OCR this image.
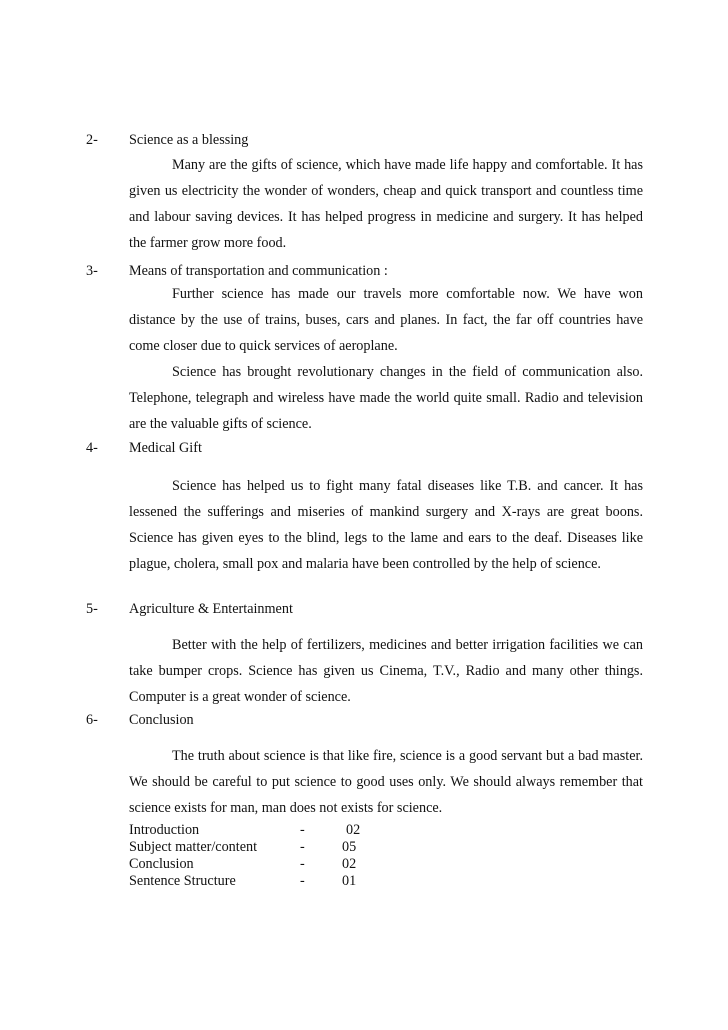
2- Science as a blessing

Many are the gifts of science, which have made life happy and comfortable. It has given us electricity the wonder of wonders, cheap and quick transport and countless time and labour saving devices. It has helped progress in medicine and surgery. It has helped the farmer grow more food.

3- Means of transportation and communication :

Further science has made our travels more comfortable now. We have won distance by the use of trains, buses, cars and planes. In fact, the far off countries have come closer due to quick services of aeroplane.

Science has brought revolutionary changes in the field of communication also. Telephone, telegraph and wireless have made the world quite small. Radio and television are the valuable gifts of science.

4- Medical Gift

Science has helped us to fight many fatal diseases like T.B. and cancer. It has lessened the sufferings and miseries of mankind surgery and X-rays are great boons. Science has given eyes to the blind, legs to the lame and ears to the deaf. Diseases like plague, cholera, small pox and malaria have been controlled by the help of science.

5- Agriculture & Entertainment

Better with the help of fertilizers, medicines and better irrigation facilities we can take bumper crops. Science has given us Cinema, T.V., Radio and many other things. Computer is a great wonder of science.

6- Conclusion

The truth about science is that like fire, science is a good servant but a bad master. We should be careful to put science to good uses only. We should always remember that science exists for man, man does not exists for science.

Introduction	-	02
Subject matter/content	-	05
Conclusion	-	02
Sentence Structure	-	01
